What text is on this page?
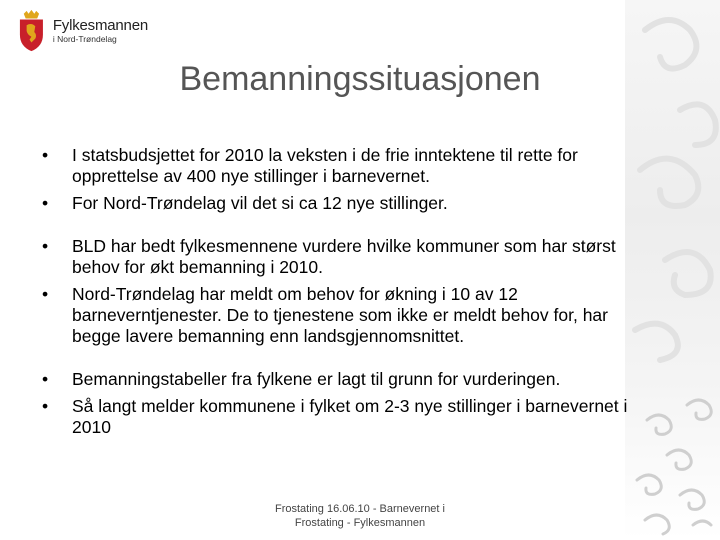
Fylkesmannen
i Nord-Trøndelag
Bemanningssituasjonen
• I statsbudsjettet for 2010 la veksten i de frie inntektene til rette for opprettelse av 400 nye stillinger i barnevernet.
• For Nord-Trøndelag vil det si ca 12 nye stillinger.
• BLD har bedt fylkesmennene vurdere hvilke kommuner som har størst behov for økt bemanning i 2010.
• Nord-Trøndelag har meldt om behov for økning i 10 av 12 barneverntjenester. De to tjenestene som ikke er meldt behov for, har begge lavere bemanning enn landsgjennomsnittet.
• Bemanningstabeller fra fylkene er lagt til grunn for vurderingen.
• Så langt melder kommunene i fylket om 2-3 nye stillinger i barnevernet i 2010
Frostating 16.06.10 - Barnevernet i Frostating - Fylkesmannen
